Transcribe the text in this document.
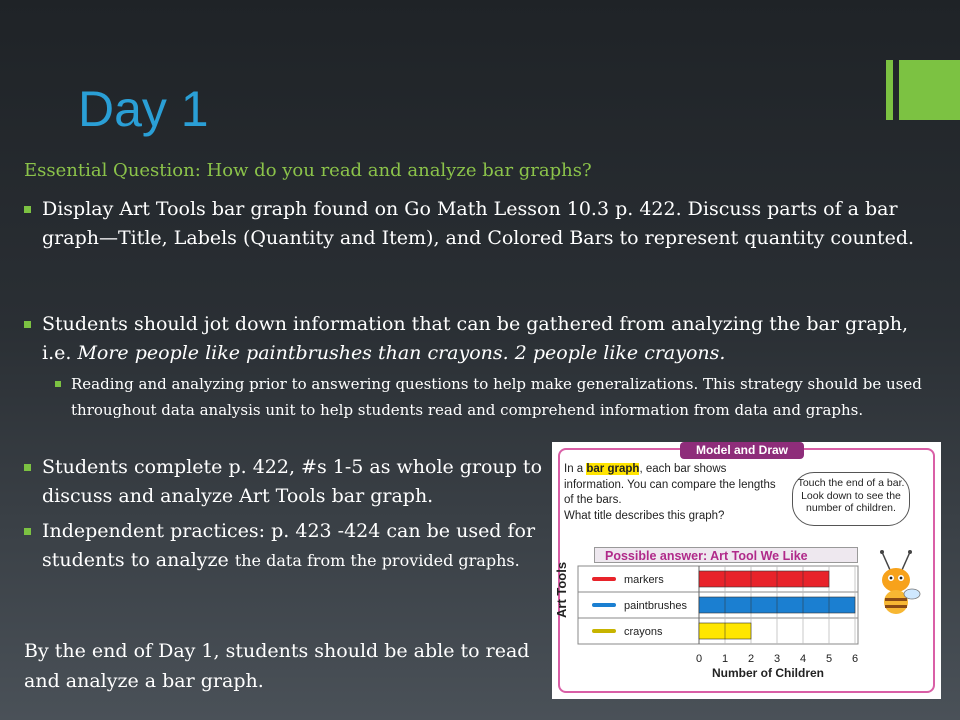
Day 1
Essential Question: How do you read and analyze bar graphs?
Display Art Tools bar graph found on Go Math Lesson 10.3 p. 422. Discuss parts of a bar graph—Title, Labels (Quantity and Item), and Colored Bars to represent quantity counted.
Students should jot down information that can be gathered from analyzing the bar graph, i.e. More people like paintbrushes than crayons. 2 people like crayons.
Reading and analyzing prior to answering questions to help make generalizations. This strategy should be used throughout data analysis unit to help students read and comprehend information from data and graphs.
Students complete p. 422, #s 1-5 as whole group to discuss and analyze Art Tools bar graph.
Independent practices: p. 423 -424 can be used for students to analyze the data from the provided graphs.
By the end of Day 1, students should be able to read and analyze a bar graph.
Model and Draw
In a bar graph, each bar shows information. You can compare the lengths of the bars.
What title describes this graph?
Touch the end of a bar. Look down to see the number of children.
Possible answer: Art Tool We Like
Art Tools	markers
paintbrushes
crayons
0 1 2 3 4 5 6
Number of Children
